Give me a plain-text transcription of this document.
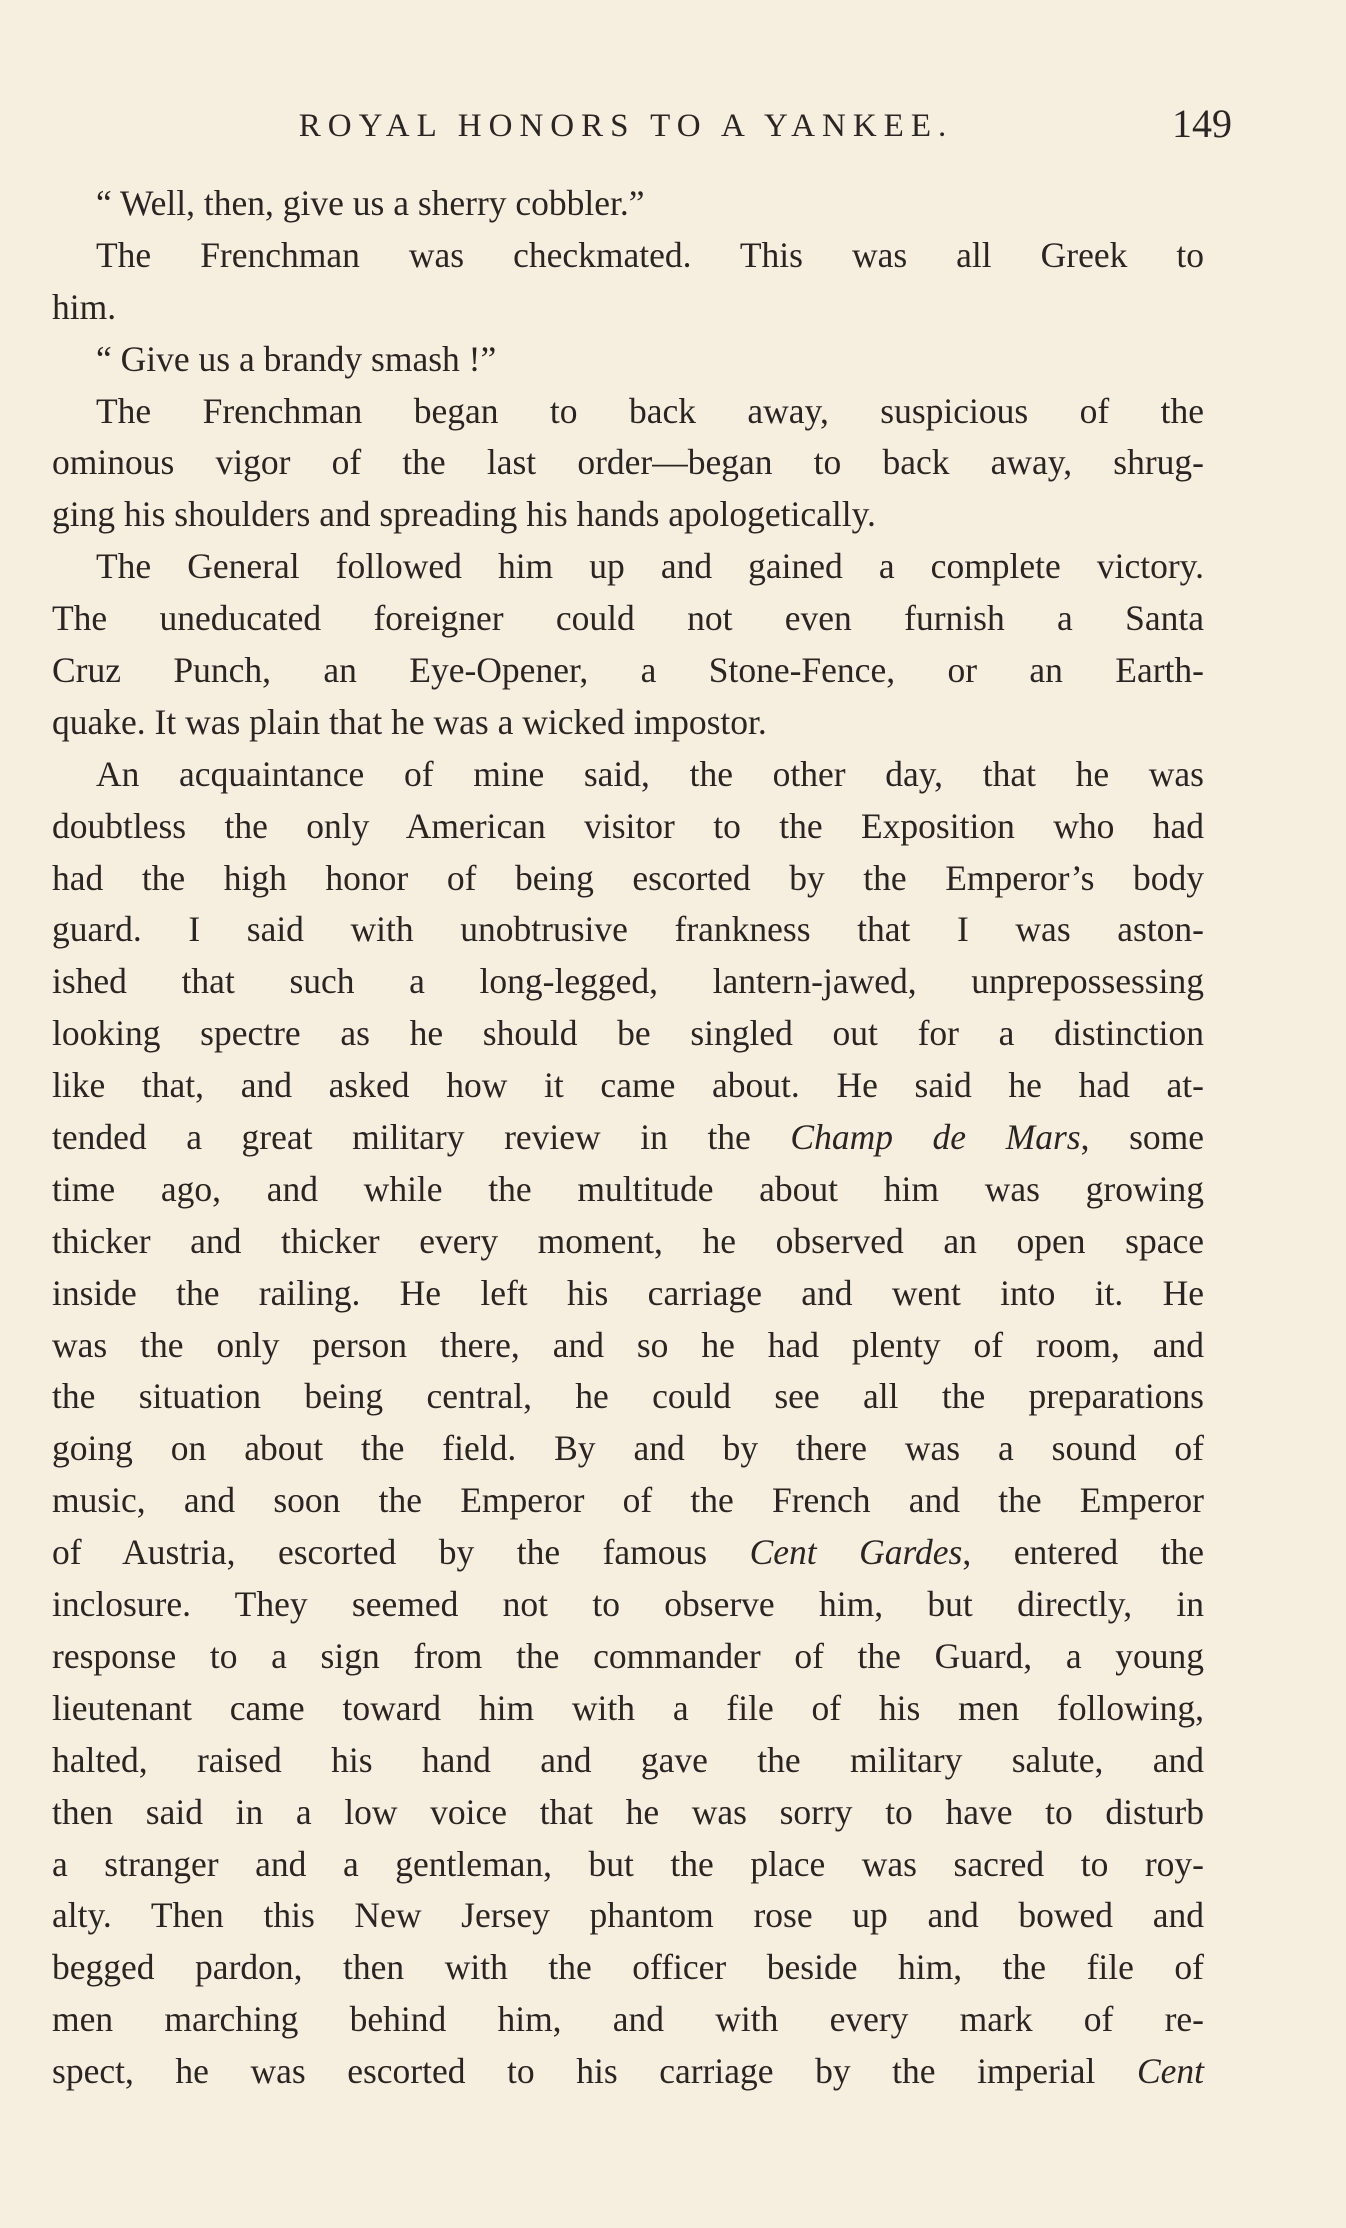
ROYAL HONORS TO A YANKEE.	149
“ Well, then, give us a sherry cobbler.”
The Frenchman was checkmated. This was all Greek to
him.
“ Give us a brandy smash !”
The Frenchman began to back away, suspicious of the
ominous vigor of the last order—began to back away, shrug-
ging his shoulders and spreading his hands apologetically.
The General followed him up and gained a complete victory.
The uneducated foreigner could not even furnish a Santa
Cruz Punch, an Eye-Opener, a Stone-Fence, or an Earth-
quake. It was plain that he was a wicked impostor.
An acquaintance of mine said, the other day, that he was
doubtless the only American visitor to the Exposition who had
had the high honor of being escorted by the Emperor’s body
guard. I said with unobtrusive frankness that I was aston-
ished that such a long-legged, lantern-jawed, unprepossessing
looking spectre as he should be singled out for a distinction
like that, and asked how it came about. He said he had at-
tended a great military review in the Champ de Mars, some
time ago, and while the multitude about him was growing
thicker and thicker every moment, he observed an open space
inside the railing. He left his carriage and went into it. He
was the only person there, and so he had plenty of room, and
the situation being central, he could see all the preparations
going on about the field. By and by there was a sound of
music, and soon the Emperor of the French and the Emperor
of Austria, escorted by the famous Cent Gardes, entered the
inclosure. They seemed not to observe him, but directly, in
response to a sign from the commander of the Guard, a young
lieutenant came toward him with a file of his men following,
halted, raised his hand and gave the military salute, and
then said in a low voice that he was sorry to have to disturb
a stranger and a gentleman, but the place was sacred to roy-
alty. Then this New Jersey phantom rose up and bowed and
begged pardon, then with the officer beside him, the file of
men marching behind him, and with every mark of re-
spect, he was escorted to his carriage by the imperial Cent
